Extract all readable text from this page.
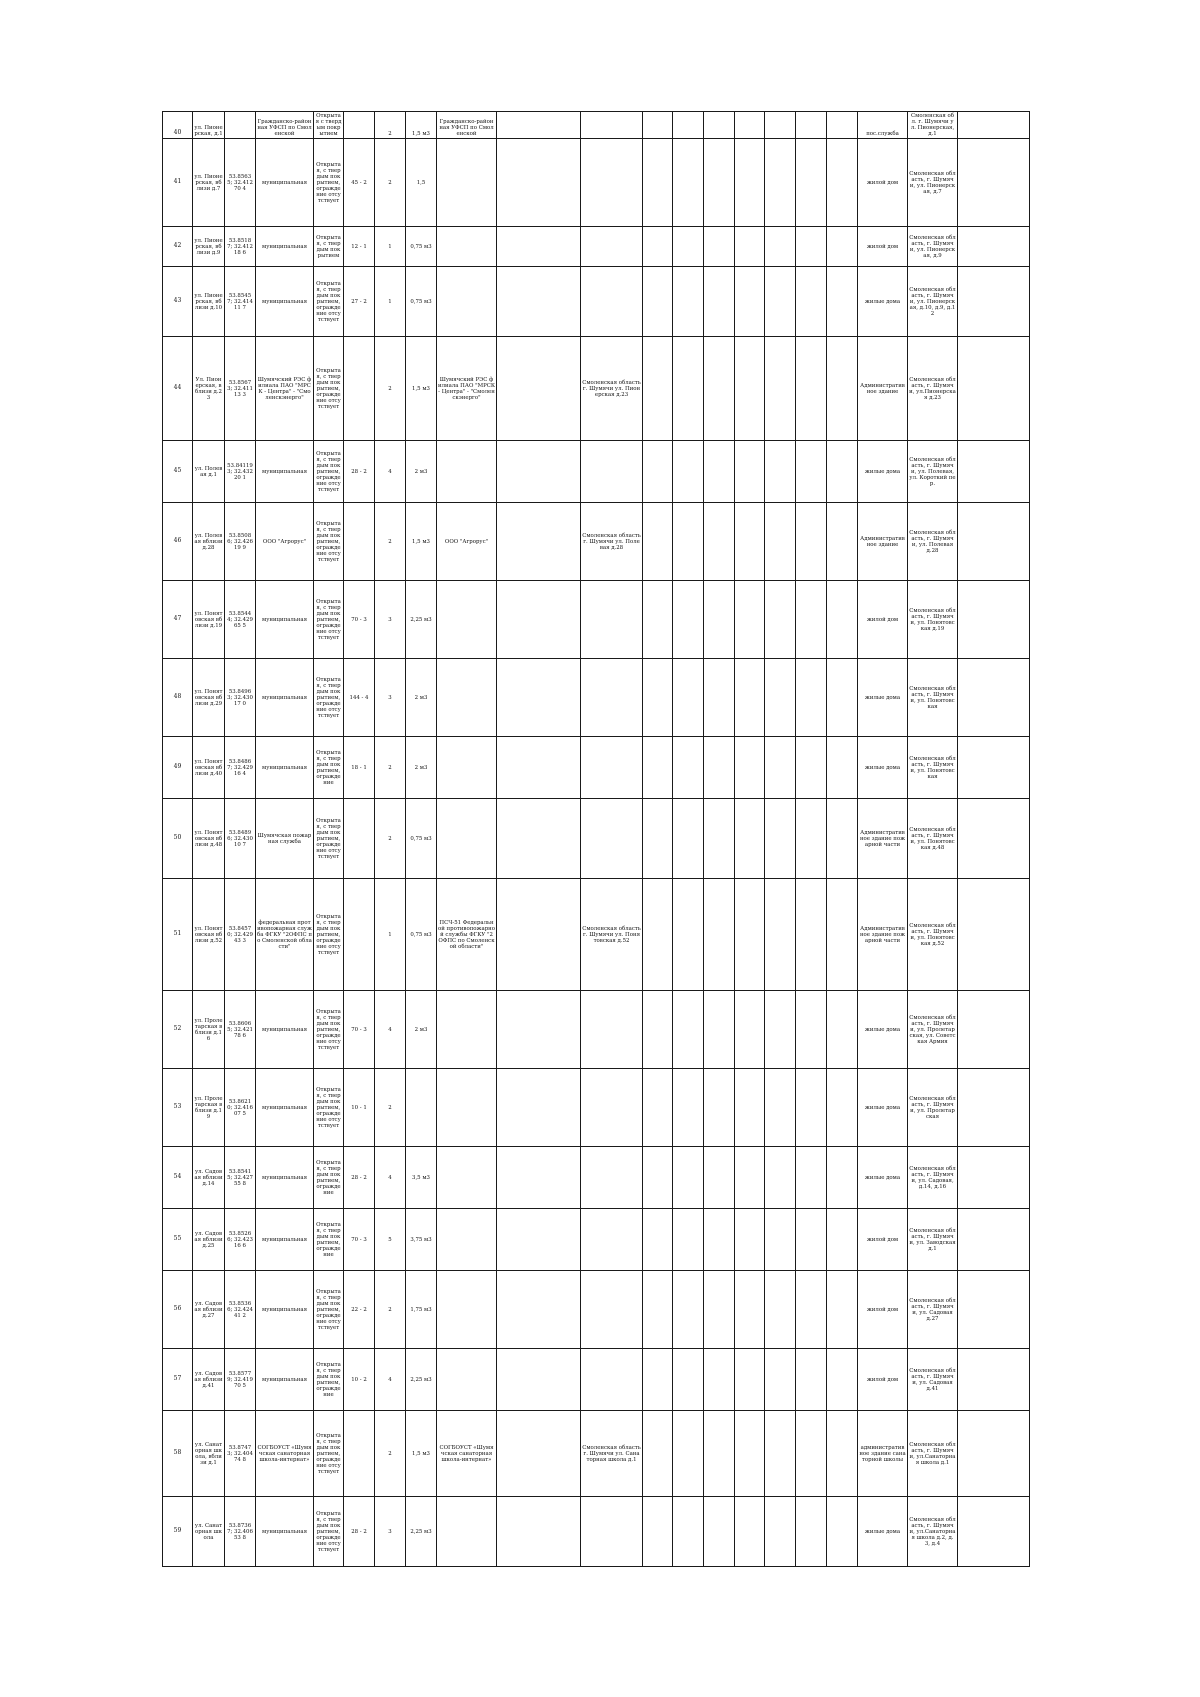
40	ул. Пионерская, д.1		Гражданско-районная УФСП по Смоленской	Открытая с твердым покрытием		2	1,5 м3	Гражданско-районная УФСП по Смоленской										пос.служба	Смоленская обл. г. Шумячи ул. Пионерская, д.1	
41	ул. Пионерская, вблизи д.7	53.8563 5; 32.41270 4	муниципальная	Открытая, с твердым покрытием, ограждение отсутствует	45 - 2	2	1,5											жилой дом	Смоленская область, г. Шумячи, ул. Пионерская, д.7	
42	ул. Пионерская, вблизи д.9	53.8518 7; 32.41218 6	муниципальная	Открытая, с твердым покрытием	12 - 1	1	0,75 м3											жилой дом	Смоленская область, г. Шумячи, ул. Пионерская, д.9	
43	ул. Пионерская, вблизи д.10	53.8545 7; 32.41411 7	муниципальная	Открытая, с твердым покрытием, ограждение отсутствует	27 - 2	1	0,75 м3											жилые дома	Смоленская область, г. Шумячи, ул. Пионерская, д.10, д.9, д.12	
44	Ул. Пионерская, вблизи д.23	53.8567 3; 32.41113 3	Шумячский РЭС филиала ПАО "МРСК - Центра" - "Смоленскэнерго"	Открытая, с твердым покрытием, ограждение отсутствует		2	1,5 м3	Шумячский РЭС филиала ПАО "МРСК - Центра" - "Смоленскэнерго"		Смоленская область г. Шумячи ул. Пионерская д.23								Административное здание	Смоленская область, г. Шумячи, ул.Пионерская д.23	
45	ул. Полевая д.1	53.84119 3; 32.43220 1	муниципальная	Открытая, с твердым покрытием, ограждение отсутствует	28 - 2	4	2 м3											жилые дома	Смоленская область, г. Шумячи, ул. Полевая, ул. Короткий пер.	
46	ул. Полевая вблизи д.28	53.8508 6; 32.42619 9	ООО "Агрорус"	Открытая, с твердым покрытием, ограждение отсутствует		2	1,5 м3	ООО "Агрорус"		Смоленская область г. Шумячи ул. Полевая д.28								Административное здание	Смоленская область, г. Шумячи, ул. Полевая д.28	
47	ул. Понятовская вблизи д.19	53.8544 4; 32.42965 5	муниципальная	Открытая, с твердым покрытием, ограждение отсутствует	70 - 3	3	2,25 м3											жилой дом	Смоленская область, г. Шумячи, ул. Понятовская д.19	
48	ул. Понятовская вблизи д.29	53.8496 3; 32.43017 0	муниципальная	Открытая, с твердым покрытием, ограждение отсутствует	144 - 4	3	2 м3											жилые дома	Смоленская область, г. Шумячи, ул. Понятовская	
49	ул. Понятовская вблизи д.40	53.8486 7; 32.42916 4	муниципальная	Открытая, с твердым покрытием, ограждение	18 - 1	2	2 м3											жилые дома	Смоленская область, г. Шумячи, ул. Понятовская	
50	ул. Понятовская вблизи д.48	53.8489 6; 32.43010 7	Шумячская пожарная служба	Открытая, с твердым покрытием, ограждение отсутствует		2	0,75 м3											Административное здание пожарной части	Смоленская область, г. Шумячи, ул. Понятовская д.48	
51	ул. Понятовская вблизи д.52	53.8457 0; 32.42943 3	федеральная противопожарная служба ФГКУ "2ОФПС по Смоленской области"	Открытая, с твердым покрытием, ограждение отсутствует		1	0,75 м3	ПСЧ-51 Федеральной противопожарной службы ФГКУ "2ОФПС по Смоленской области"		Смоленская область г. Шумячи ул. Понятовская д.52								Административное здание пожарной части	Смоленская область, г. Шумячи, ул. Понятовская д.52	
52	ул. Пролетарская вблизи д.16	53.8606 5; 32.42178 6	муниципальная	Открытая, с твердым покрытием, ограждение отсутствует	70 - 3	4	2 м3											жилые дома	Смоленская область, г. Шумячи, ул. Пролетарская, ул. Советская Армия	
53	ул. Пролетарская вблизи д.19	53.8621 0; 32.41607 5	муниципальная	Открытая, с твердым покрытием, ограждение отсутствует	10 - 1	2												жилые дома	Смоленская область, г. Шумячи, ул. Пролетарская	
54	ул. Садовая вблизи д.14	53.8541 5; 32.42755 8	муниципальная	Открытая, с твердым покрытием, ограждение	28 - 2	4	3,5 м3											жилые дома	Смоленская область, г. Шумячи, ул. Садовая, д.14, д.16	
55	ул. Садовая вблизи д.25	53.8526 6; 32.42316 6	муниципальная	Открытая, с твердым покрытием, ограждение	70 - 3	5	3,75 м3											жилой дом	Смоленская область, г. Шумячи, ул. Заводская д.1	
56	ул. Садовая вблизи д.27	53.8536 6; 32.42441 2	муниципальная	Открытая, с твердым покрытием, ограждение отсутствует	22 - 2	2	1,75 м3											жилой дом	Смоленская область, г. Шумячи, ул. Садовая д.27	
57	ул. Садовая вблизи д.41	53.8577 9; 32.41970 5	муниципальная	Открытая, с твердым покрытием, ограждение	10 - 2	4	2,25 м3											жилой дом	Смоленская область, г. Шумячи, ул. Садовая д.41	
58	ул. Санаторная школа, вблизи д.1	53.8747 3; 32.40474 8	СОГБОУСТ «Шумячская санаторная школа-интернат»	Открытая, с твердым покрытием, ограждение отсутствует		2	1,5 м3	СОГБОУСТ «Шумячская санаторная школа-интернат»		Смоленская область г. Шумячи ул. Санаторная школа д.1								административное здание санаторной школы	Смоленская область, г. Шумячи, ул.Санаторная школа д.1	
59	ул. Санаторная школа	53.8736 7; 32.40653 8	муниципальная	Открытая, с твердым покрытием, ограждение отсутствует	28 - 2	3	2,25 м3											жилые дома	Смоленская область, г. Шумячи, ул.Санаторная школа д.2, д.3, д.4	
